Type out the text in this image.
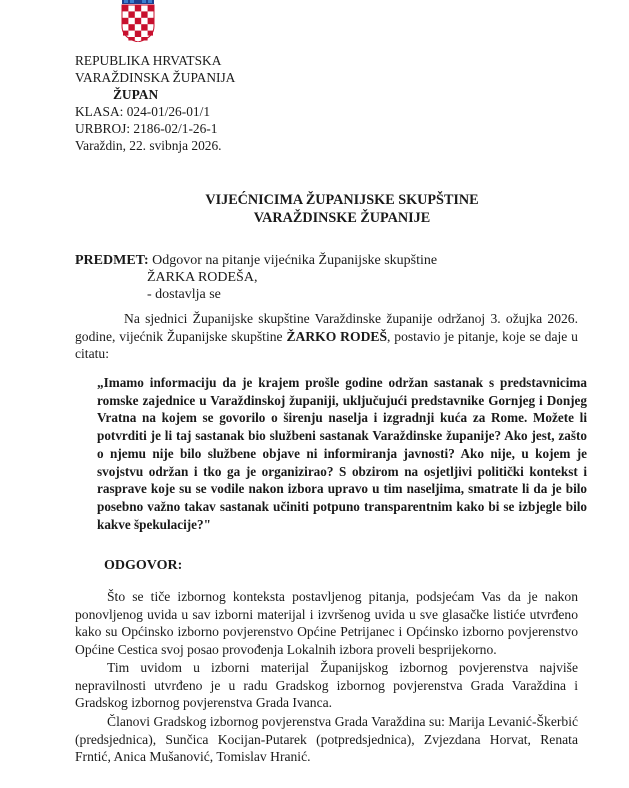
REPUBLIKA HRVATSKA
VARAŽDINSKA ŽUPANIJA
ŽUPAN
KLASA: 024-01/26-01/1
URBROJ: 2186-02/1-26-1
Varaždin, 22. svibnja 2026.
VIJEĆNICIMA ŽUPANIJSKE SKUPŠTINE
VARAŽDINSKE ŽUPANIJE
PREDMET: Odgovor na pitanje vijećnika Županijske skupštine
ŽARKA RODEŠA,
- dostavlja se
Na sjednici Županijske skupštine Varaždinske županije održanoj 3. ožujka 2026. godine, vijećnik Županijske skupštine ŽARKO RODEŠ, postavio je pitanje, koje se daje u citatu:
„Imamo informaciju da je krajem prošle godine održan sastanak s predstavnicima romske zajednice u Varaždinskoj županiji, uključujući predstavnike Gornjeg i Donjeg Vratna na kojem se govorilo o širenju naselja i izgradnji kuća za Rome. Možete li potvrditi je li taj sastanak bio službeni sastanak Varaždinske županije? Ako jest, zašto o njemu nije bilo službene objave ni informiranja javnosti? Ako nije, u kojem je svojstvu održan i tko ga je organizirao? S obzirom na osjetljivi politički kontekst i rasprave koje su se vodile nakon izbora upravo u tim naseljima, smatrate li da je bilo posebno važno takav sastanak učiniti potpuno transparentnim kako bi se izbjegle bilo kakve špekulacije?"
ODGOVOR:
Što se tiče izbornog konteksta postavljenog pitanja, podsjećam Vas da je nakon ponovljenog uvida u sav izborni materijal i izvršenog uvida u sve glasačke listiće utvrđeno kako su Općinsko izborno povjerenstvo Općine Petrijanec i Općinsko izborno povjerenstvo Općine Cestica svoj posao provođenja Lokalnih izbora proveli besprijekorno.
Tim uvidom u izborni materijal Županijskog izbornog povjerenstva najviše nepravilnosti utvrđeno je u radu Gradskog izbornog povjerenstva Grada Varaždina i Gradskog izbornog povjerenstva Grada Ivanca.
Članovi Gradskog izbornog povjerenstva Grada Varaždina su: Marija Levanić-Škerbić (predsjednica), Sunčica Kocijan-Putarek (potpredsjednica), Zvjezdana Horvat, Renata Frntić, Anica Mušanović, Tomislav Hranić.
